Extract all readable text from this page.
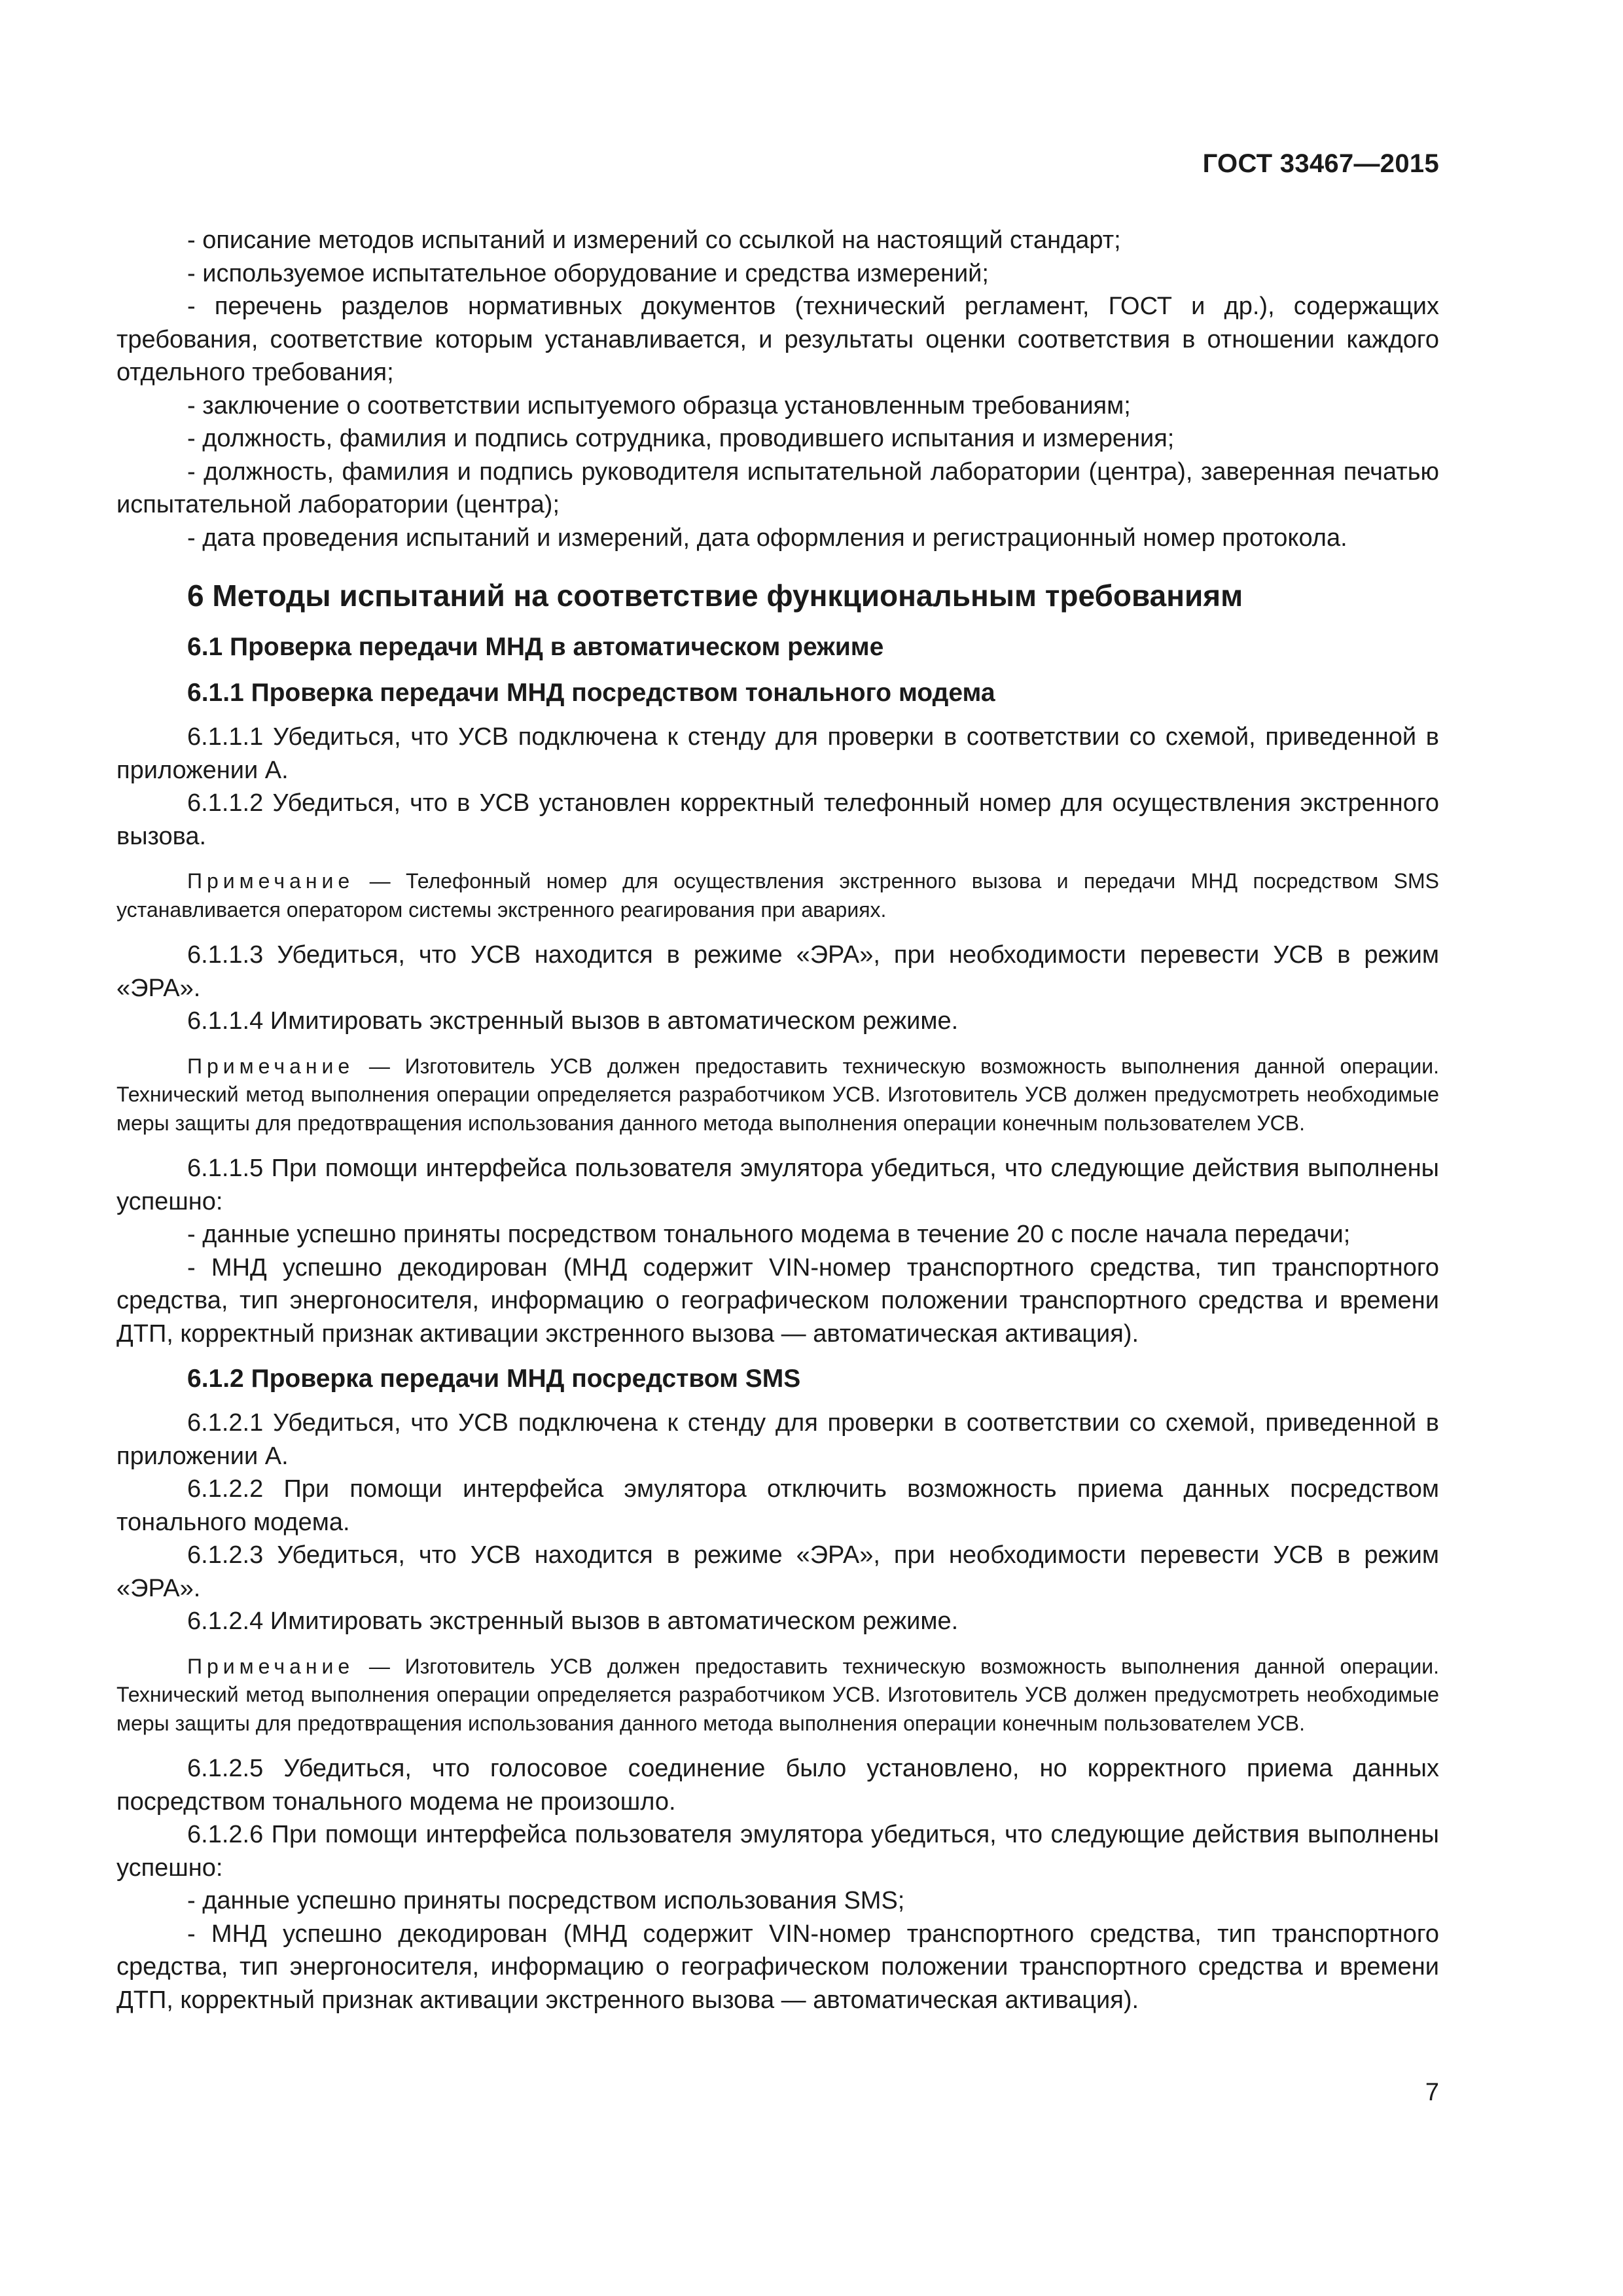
ГОСТ 33467—2015

- описание методов испытаний и измерений со ссылкой на настоящий стандарт;

- используемое испытательное оборудование и средства измерений;

- перечень разделов нормативных документов (технический регламент, ГОСТ и др.), содержащих требования, соответствие которым устанавливается, и результаты оценки соответствия в отношении каждого отдельного требования;

- заключение о соответствии испытуемого образца установленным требованиям;

- должность, фамилия и подпись сотрудника, проводившего испытания и измерения;

- должность, фамилия и подпись руководителя испытательной лаборатории (центра), заверенная печатью испытательной лаборатории (центра);

- дата проведения испытаний и измерений, дата оформления и регистрационный номер протокола.

6 Методы испытаний на соответствие функциональным требованиям

6.1 Проверка передачи МНД в автоматическом режиме

6.1.1 Проверка передачи МНД посредством тонального модема

6.1.1.1 Убедиться, что УСВ подключена к стенду для проверки в соответствии со схемой, приведенной в приложении А.

6.1.1.2 Убедиться, что в УСВ установлен корректный телефонный номер для осуществления экстренного вызова.

Примечание — Телефонный номер для осуществления экстренного вызова и передачи МНД посредством SMS устанавливается оператором системы экстренного реагирования при авариях.

6.1.1.3 Убедиться, что УСВ находится в режиме «ЭРА», при необходимости перевести УСВ в режим «ЭРА».

6.1.1.4 Имитировать экстренный вызов в автоматическом режиме.

Примечание — Изготовитель УСВ должен предоставить техническую возможность выполнения данной операции. Технический метод выполнения операции определяется разработчиком УСВ. Изготовитель УСВ должен предусмотреть необходимые меры защиты для предотвращения использования данного метода выполнения операции конечным пользователем УСВ.

6.1.1.5 При помощи интерфейса пользователя эмулятора убедиться, что следующие действия выполнены успешно:

- данные успешно приняты посредством тонального модема в течение 20 с после начала передачи;

- МНД успешно декодирован (МНД содержит VIN-номер транспортного средства, тип транспортного средства, тип энергоносителя, информацию о географическом положении транспортного средства и времени ДТП, корректный признак активации экстренного вызова — автоматическая активация).

6.1.2 Проверка передачи МНД посредством SMS

6.1.2.1 Убедиться, что УСВ подключена к стенду для проверки в соответствии со схемой, приведенной в приложении А.

6.1.2.2 При помощи интерфейса эмулятора отключить возможность приема данных посредством тонального модема.

6.1.2.3 Убедиться, что УСВ находится в режиме «ЭРА», при необходимости перевести УСВ в режим «ЭРА».

6.1.2.4 Имитировать экстренный вызов в автоматическом режиме.

Примечание — Изготовитель УСВ должен предоставить техническую возможность выполнения данной операции. Технический метод выполнения операции определяется разработчиком УСВ. Изготовитель УСВ должен предусмотреть необходимые меры защиты для предотвращения использования данного метода выполнения операции конечным пользователем УСВ.

6.1.2.5 Убедиться, что голосовое соединение было установлено, но корректного приема данных посредством тонального модема не произошло.

6.1.2.6 При помощи интерфейса пользователя эмулятора убедиться, что следующие действия выполнены успешно:

- данные успешно приняты посредством использования SMS;

- МНД успешно декодирован (МНД содержит VIN-номер транспортного средства, тип транспортного средства, тип энергоносителя, информацию о географическом положении транспортного средства и времени ДТП, корректный признак активации экстренного вызова — автоматическая активация).

7
